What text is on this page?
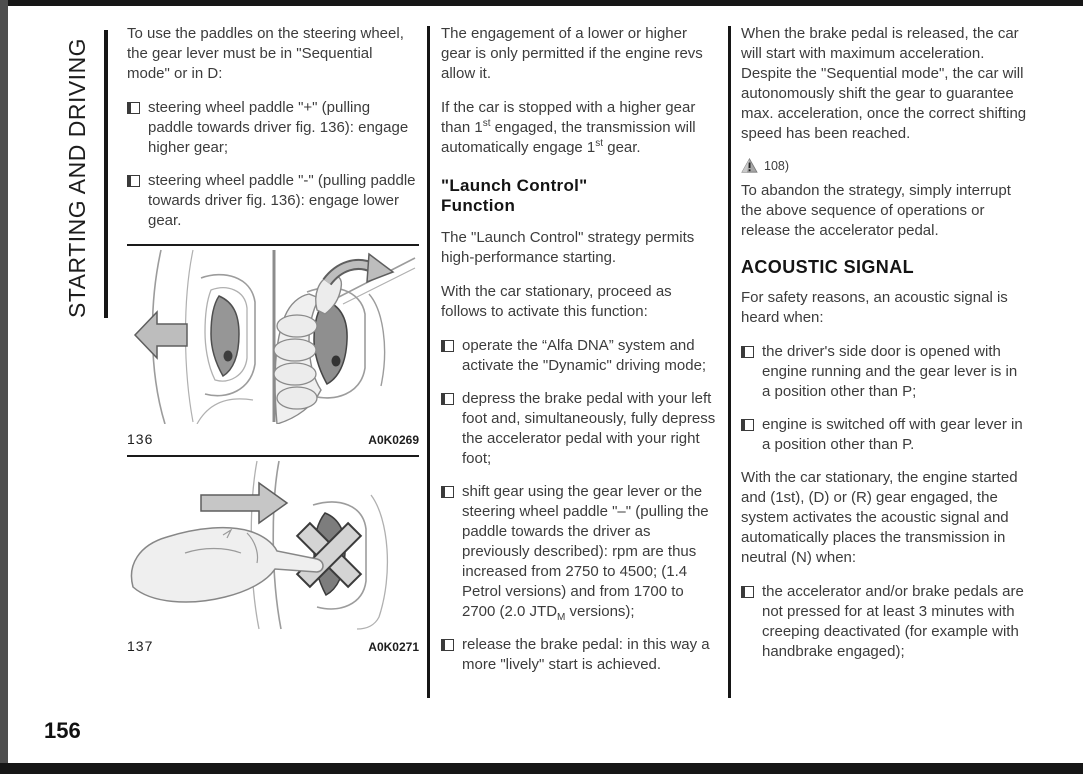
STARTING AND DRIVING

To use the paddles on the steering wheel, the gear lever must be in "Sequential mode" or in D:

steering wheel paddle "+" (pulling paddle towards driver fig. 136): engage higher gear;
steering wheel paddle "-" (pulling paddle towards driver fig. 136): engage lower gear.
136	A0K0269
137	A0K0271

The engagement of a lower or higher gear is only permitted if the engine revs allow it.

If the car is stopped with a higher gear than 1st engaged, the transmission will automatically engage 1st gear.

"Launch Control"
Function

The "Launch Control" strategy permits high-performance starting.

With the car stationary, proceed as follows to activate this function:

operate the “Alfa DNA” system and activate the "Dynamic" driving mode;
depress the brake pedal with your left foot and, simultaneously, fully depress the accelerator pedal with your right foot;
shift gear using the gear lever or the steering wheel paddle "–" (pulling the paddle towards the driver as previously described): rpm are thus increased from 2750 to 4500; (1.4 Petrol versions) and from 1700 to 2700 (2.0 $JTD_M$ versions);
release the brake pedal: in this way a more "lively" start is achieved.

When the brake pedal is released, the car will start with maximum acceleration. Despite the "Sequential mode", the car will autonomously shift the gear to guarantee max. acceleration, once the correct shifting speed has been reached.

108)

To abandon the strategy, simply interrupt the above sequence of operations or release the accelerator pedal.

ACOUSTIC SIGNAL

For safety reasons, an acoustic signal is heard when:

the driver's side door is opened with engine running and the gear lever is in a position other than P;
engine is switched off with gear lever in a position other than P.

With the car stationary, the engine started and (1st), (D) or (R) gear engaged, the system activates the acoustic signal and automatically places the transmission in neutral (N) when:

the accelerator and/or brake pedals are not pressed for at least 3 minutes with creeping deactivated (for example with handbrake engaged);
156
